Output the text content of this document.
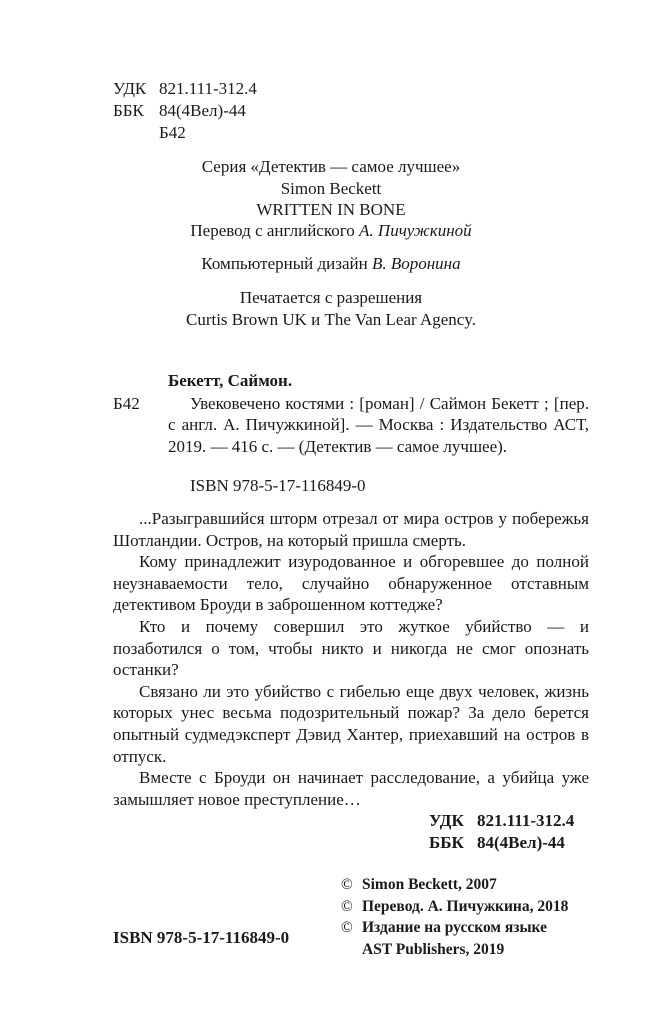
УДК 821.111-312.4
ББК 84(4Вел)-44
Б42
Серия «Детектив — самое лучшее»
Simon Beckett
WRITTEN IN BONE
Перевод с английского А. Пичужкиной
Компьютерный дизайн В. Воронина
Печатается с разрешения
Curtis Brown UK и The Van Lear Agency.
Бекетт, Саймон.
Б42	Увековечено костями : [роман] / Саймон Бекетт ; [пер. с англ. А. Пичужкиной]. — Москва : Издательство АСТ, 2019. — 416 с. — (Детектив — самое лучшее).
ISBN 978-5-17-116849-0

...Разыгравшийся шторм отрезал от мира остров у побережья Шотландии. Остров, на который пришла смерть.

Кому принадлежит изуродованное и обгоревшее до полной неузнаваемости тело, случайно обнаруженное отставным детективом Броуди в заброшенном коттедже?

Кто и почему совершил это жуткое убийство — и позаботился о том, чтобы никто и никогда не смог опознать останки?

Связано ли это убийство с гибелью еще двух человек, жизнь которых унес весьма подозрительный пожар? За дело берется опытный судмедэксперт Дэвид Хантер, приехавший на остров в отпуск.

Вместе с Броуди он начинает расследование, а убийца уже замышляет новое преступление…

УДК 821.111-312.4
ББК 84(4Вел)-44
© Simon Beckett, 2007
© Перевод. А. Пичужкина, 2018
© Издание на русском языке
AST Publishers, 2019
ISBN 978-5-17-116849-0
